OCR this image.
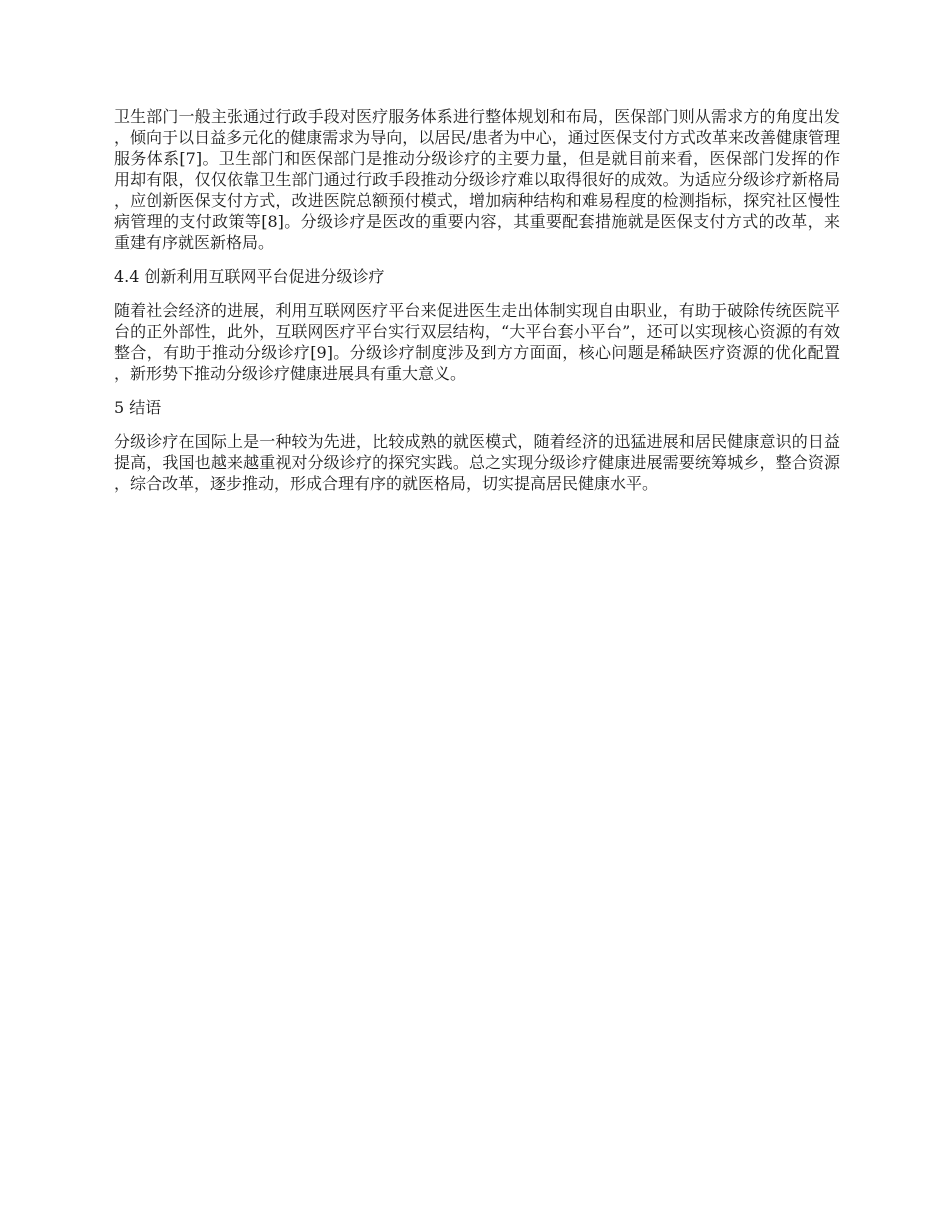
卫生部门一般主张通过行政手段对医疗服务体系进行整体规划和布局，医保部门则从需求方的角度出发，倾向于以日益多元化的健康需求为导向，以居民/患者为中心，通过医保支付方式改革来改善健康管理服务体系[7]。卫生部门和医保部门是推动分级诊疗的主要力量，但是就目前来看，医保部门发挥的作用却有限，仅仅依靠卫生部门通过行政手段推动分级诊疗难以取得很好的成效。为适应分级诊疗新格局，应创新医保支付方式，改进医院总额预付模式，增加病种结构和难易程度的检测指标，探究社区慢性病管理的支付政策等[8]。分级诊疗是医改的重要内容，其重要配套措施就是医保支付方式的改革，来重建有序就医新格局。

4.4 创新利用互联网平台促进分级诊疗

随着社会经济的进展，利用互联网医疗平台来促进医生走出体制实现自由职业，有助于破除传统医院平台的正外部性，此外，互联网医疗平台实行双层结构，“大平台套小平台”，还可以实现核心资源的有效整合，有助于推动分级诊疗[9]。分级诊疗制度涉及到方方面面，核心问题是稀缺医疗资源的优化配置，新形势下推动分级诊疗健康进展具有重大意义。

5 结语

分级诊疗在国际上是一种较为先进，比较成熟的就医模式，随着经济的迅猛进展和居民健康意识的日益提高，我国也越来越重视对分级诊疗的探究实践。总之实现分级诊疗健康进展需要统筹城乡，整合资源，综合改革，逐步推动，形成合理有序的就医格局，切实提高居民健康水平。
